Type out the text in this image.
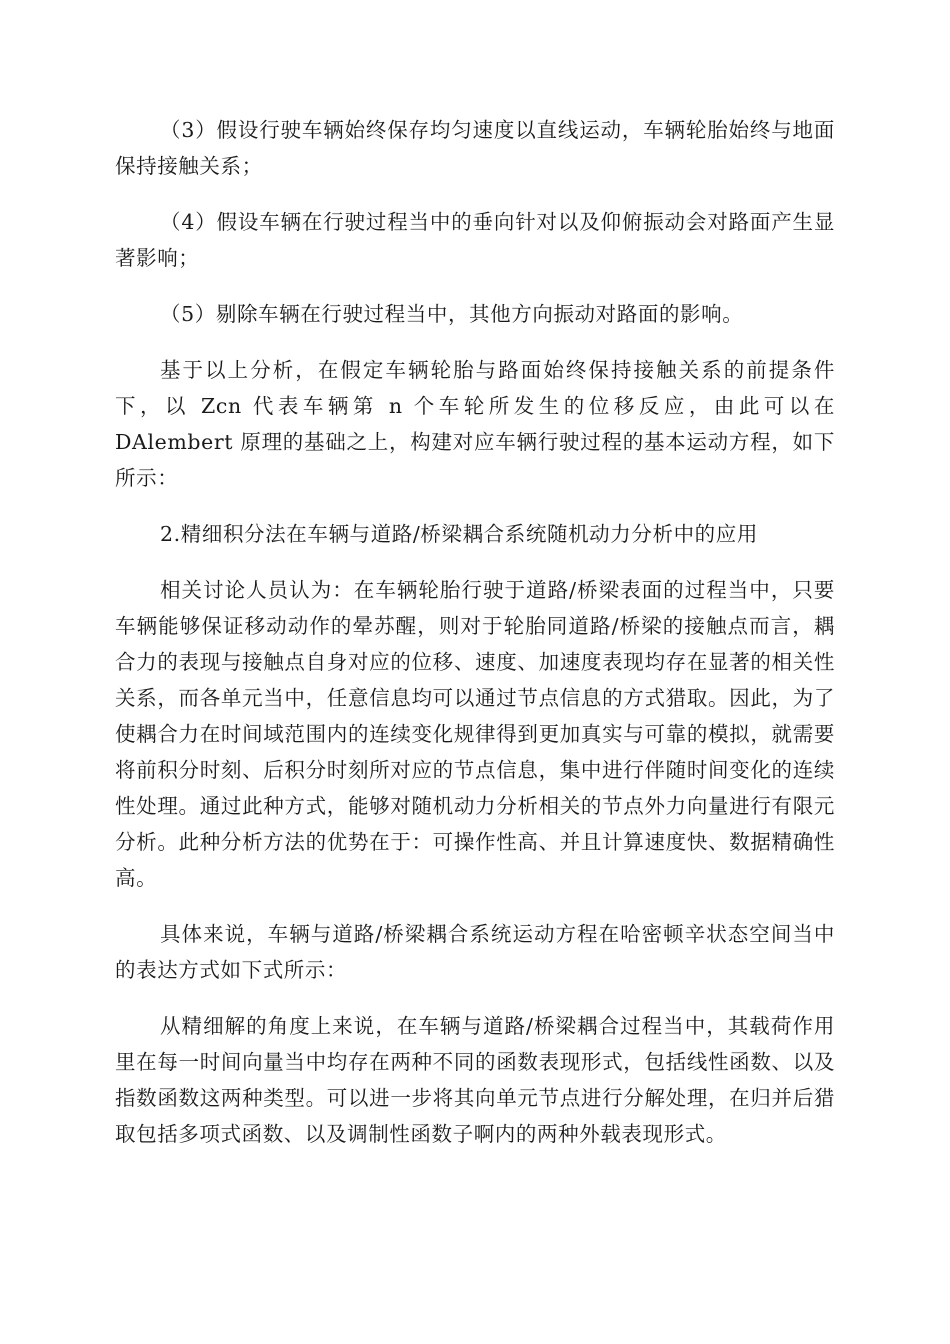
（3）假设行驶车辆始终保存均匀速度以直线运动，车辆轮胎始终与地面保持接触关系；

（4）假设车辆在行驶过程当中的垂向针对以及仰俯振动会对路面产生显著影响；

（5）剔除车辆在行驶过程当中，其他方向振动对路面的影响。

基于以上分析，在假定车辆轮胎与路面始终保持接触关系的前提条件下，以 Zcn 代表车辆第 n 个车轮所发生的位移反应，由此可以在DAlembert 原理的基础之上，构建对应车辆行驶过程的基本运动方程，如下所示：

2.精细积分法在车辆与道路/桥梁耦合系统随机动力分析中的应用

相关讨论人员认为：在车辆轮胎行驶于道路/桥梁表面的过程当中，只要车辆能够保证移动动作的晕苏醒，则对于轮胎同道路/桥梁的接触点而言，耦合力的表现与接触点自身对应的位移、速度、加速度表现均存在显著的相关性关系，而各单元当中，任意信息均可以通过节点信息的方式猎取。因此，为了使耦合力在时间域范围内的连续变化规律得到更加真实与可靠的模拟，就需要将前积分时刻、后积分时刻所对应的节点信息，集中进行伴随时间变化的连续性处理。通过此种方式，能够对随机动力分析相关的节点外力向量进行有限元分析。此种分析方法的优势在于：可操作性高、并且计算速度快、数据精确性高。

具体来说，车辆与道路/桥梁耦合系统运动方程在哈密顿辛状态空间当中的表达方式如下式所示：

从精细解的角度上来说，在车辆与道路/桥梁耦合过程当中，其载荷作用里在每一时间向量当中均存在两种不同的函数表现形式，包括线性函数、以及指数函数这两种类型。可以进一步将其向单元节点进行分解处理，在归并后猎取包括多项式函数、以及调制性函数子啊内的两种外载表现形式。
